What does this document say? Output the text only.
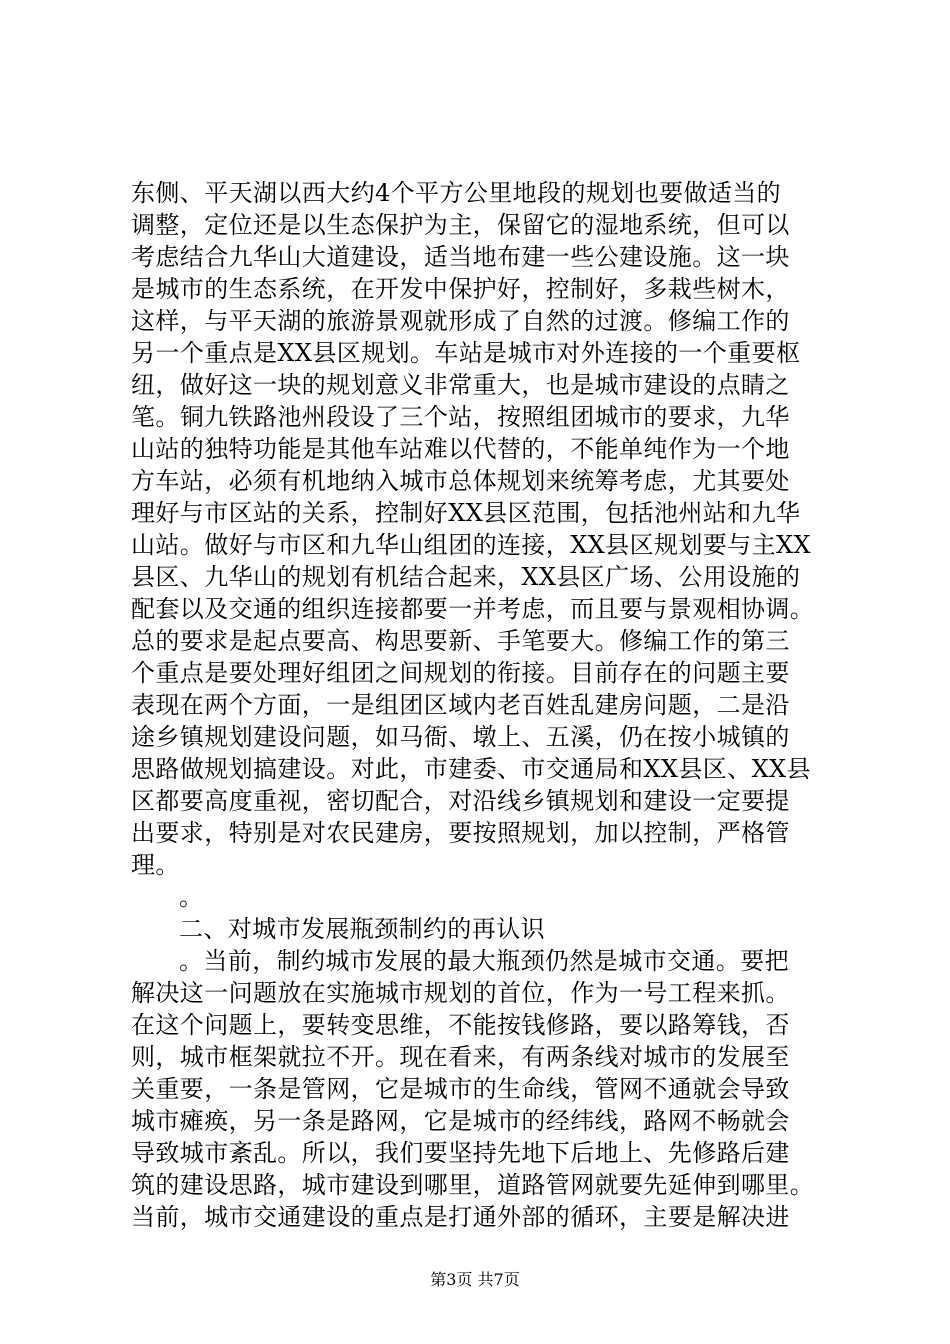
东侧、平天湖以西大约4个平方公里地段的规划也要做适当的
调整，定位还是以生态保护为主，保留它的湿地系统，但可以
考虑结合九华山大道建设，适当地布建一些公建设施。这一块
是城市的生态系统，在开发中保护好，控制好，多栽些树木，
这样，与平天湖的旅游景观就形成了自然的过渡。修编工作的
另一个重点是XX县区规划。车站是城市对外连接的一个重要枢
纽，做好这一块的规划意义非常重大，也是城市建设的点睛之
笔。铜九铁路池州段设了三个站，按照组团城市的要求，九华
山站的独特功能是其他车站难以代替的，不能单纯作为一个地
方车站，必须有机地纳入城市总体规划来统筹考虑，尤其要处
理好与市区站的关系，控制好XX县区范围，包括池州站和九华
山站。做好与市区和九华山组团的连接，XX县区规划要与主XX
县区、九华山的规划有机结合起来，XX县区广场、公用设施的
配套以及交通的组织连接都要一并考虑，而且要与景观相协调。
总的要求是起点要高、构思要新、手笔要大。修编工作的第三
个重点是要处理好组团之间规划的衔接。目前存在的问题主要
表现在两个方面，一是组团区域内老百姓乱建房问题，二是沿
途乡镇规划建设问题，如马衙、墩上、五溪，仍在按小城镇的
思路做规划搞建设。对此，市建委、市交通局和XX县区、XX县
区都要高度重视，密切配合，对沿线乡镇规划和建设一定要提
出要求，特别是对农民建房，要按照规划，加以控制，严格管
理。
。
二、对城市发展瓶颈制约的再认识
。当前，制约城市发展的最大瓶颈仍然是城市交通。要把
解决这一问题放在实施城市规划的首位，作为一号工程来抓。
在这个问题上，要转变思维，不能按钱修路，要以路筹钱，否
则，城市框架就拉不开。现在看来，有两条线对城市的发展至
关重要，一条是管网，它是城市的生命线，管网不通就会导致
城市瘫痪，另一条是路网，它是城市的经纬线，路网不畅就会
导致城市紊乱。所以，我们要坚持先地下后地上、先修路后建
筑的建设思路，城市建设到哪里，道路管网就要先延伸到哪里。
当前，城市交通建设的重点是打通外部的循环，主要是解决进
第3页 共7页
